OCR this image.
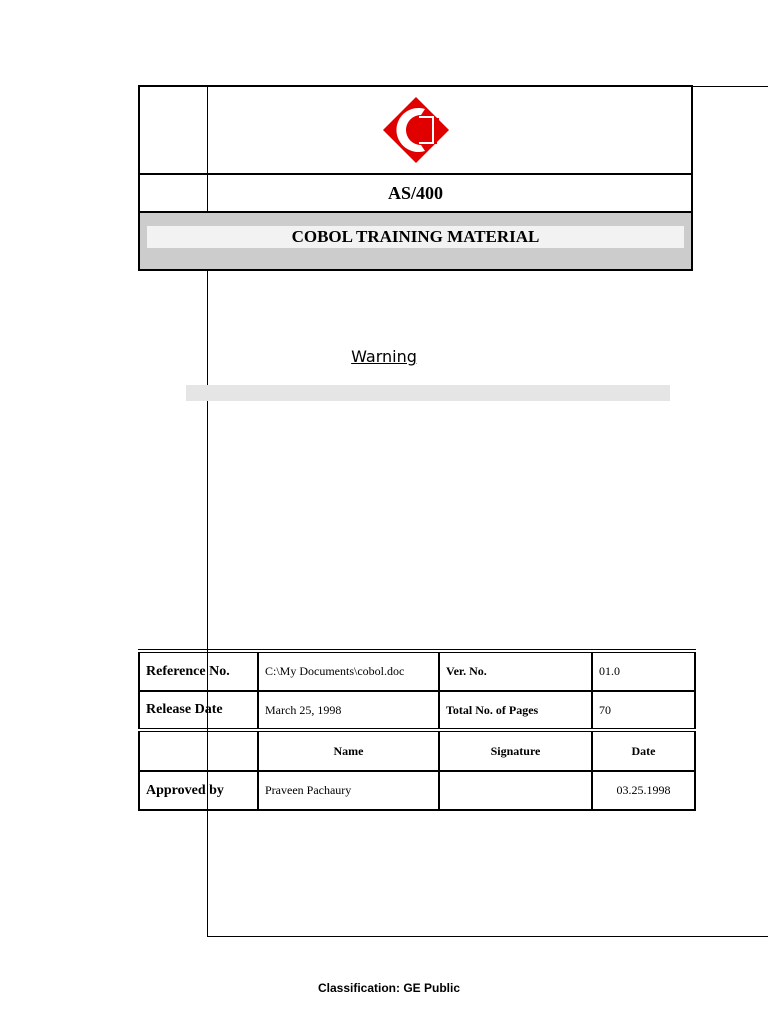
AS/400
COBOL TRAINING MATERIAL
Warning
Reference No.	C:\My Documents\cobol.doc	Ver. No.	01.0
Release Date	March 25, 1998	Total No. of Pages	70
	Name	Signature	Date
Approved by	Praveen Pachaury		03.25.1998
Classification: GE Public
